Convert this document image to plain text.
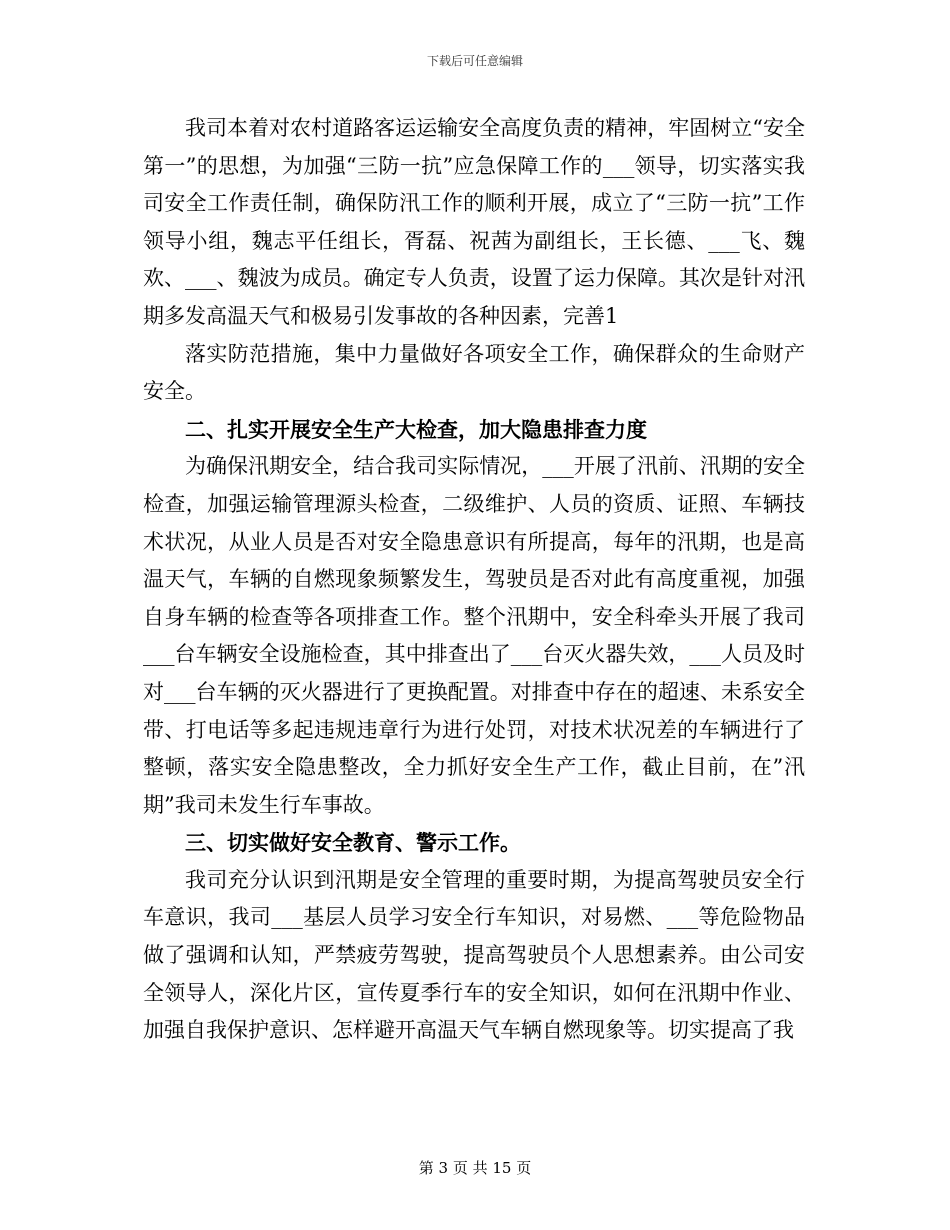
下载后可任意编辑

我司本着对农村道路客运运输安全高度负责的精神，牢固树立“安全第一”的思想，为加强“三防一抗”应急保障工作的___领导，切实落实我司安全工作责任制，确保防汛工作的顺利开展，成立了“三防一抗”工作领导小组，魏志平任组长，胥磊、祝茜为副组长，王长德、___飞、魏欢、___、魏波为成员。确定专人负责，设置了运力保障。其次是针对汛期多发高温天气和极易引发事故的各种因素，完善1

落实防范措施，集中力量做好各项安全工作，确保群众的生命财产安全。

二、扎实开展安全生产大检查，加大隐患排查力度

为确保汛期安全，结合我司实际情况，___开展了汛前、汛期的安全检查，加强运输管理源头检查，二级维护、人员的资质、证照、车辆技术状况，从业人员是否对安全隐患意识有所提高，每年的汛期，也是高温天气，车辆的自燃现象频繁发生，驾驶员是否对此有高度重视，加强自身车辆的检查等各项排查工作。整个汛期中，安全科牵头开展了我司___台车辆安全设施检查，其中排查出了___台灭火器失效，___人员及时对___台车辆的灭火器进行了更换配置。对排查中存在的超速、未系安全带、打电话等多起违规违章行为进行处罚，对技术状况差的车辆进行了整顿，落实安全隐患整改，全力抓好安全生产工作，截止目前，在”汛期”我司未发生行车事故。

三、切实做好安全教育、警示工作。

我司充分认识到汛期是安全管理的重要时期，为提高驾驶员安全行车意识，我司___基层人员学习安全行车知识，对易燃、___等危险物品做了强调和认知，严禁疲劳驾驶，提高驾驶员个人思想素养。由公司安全领导人，深化片区，宣传夏季行车的安全知识，如何在汛期中作业、加强自我保护意识、怎样避开高温天气车辆自燃现象等。切实提高了我

第 3 页 共 15 页
